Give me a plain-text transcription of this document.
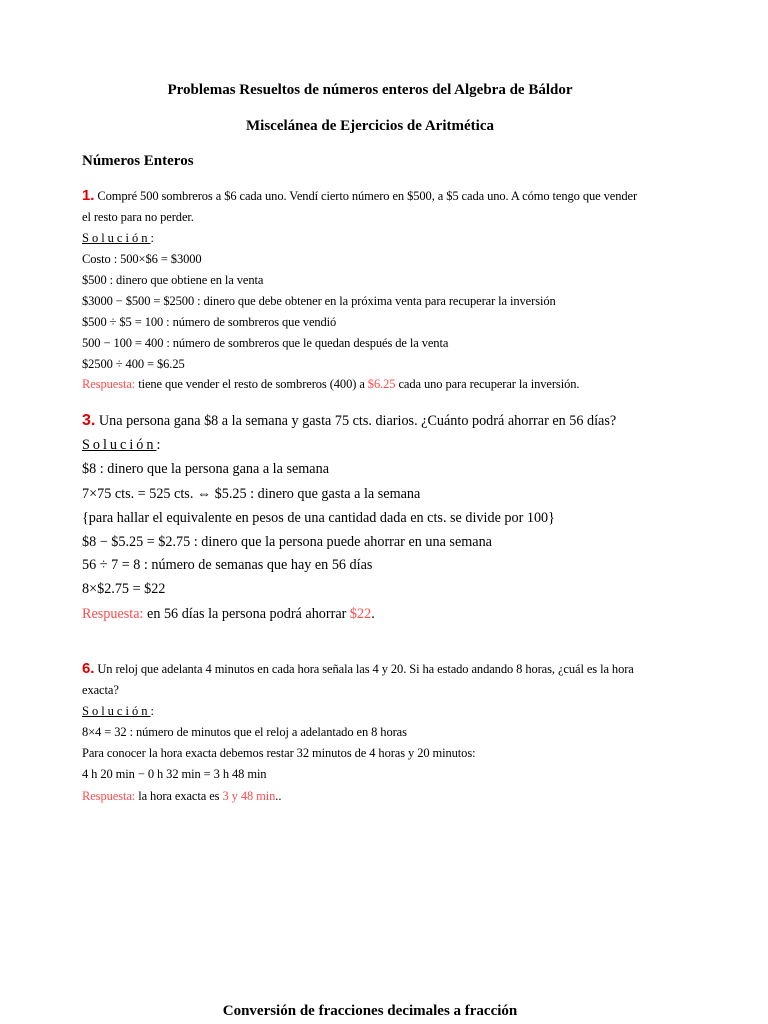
Problemas Resueltos de números enteros del Algebra de Báldor
Miscelánea de Ejercicios de Aritmética
Números Enteros
1. Compré 500 sombreros a $6 cada uno. Vendí cierto número en $500, a $5 cada uno. A cómo tengo que vender
el resto para no perder.
Solución:
Costo : 500×$6 = $3000
$500 : dinero que obtiene en la venta
$3000 − $500 = $2500 : dinero que debe obtener en la próxima venta para recuperar la inversión
$500 ÷ $5 = 100 : número de sombreros que vendió
500 − 100 = 400 : número de sombreros que le quedan después de la venta
$2500 ÷ 400 = $6.25
Respuesta: tiene que vender el resto de sombreros (400) a $6.25 cada uno para recuperar la inversión.
3. Una persona gana $8 a la semana y gasta 75 cts. diarios. ¿Cuánto podrá ahorrar en 56 días?
Solución:
$8 : dinero que la persona gana a la semana
7×75 cts. = 525 cts. ⇔ $5.25 : dinero que gasta a la semana
{para hallar el equivalente en pesos de una cantidad dada en cts. se divide por 100}
$8 − $5.25 = $2.75 : dinero que la persona puede ahorrar en una semana
56 ÷ 7 = 8 : número de semanas que hay en 56 días
8×$2.75 = $22
Respuesta: en 56 días la persona podrá ahorrar $22.
6. Un reloj que adelanta 4 minutos en cada hora señala las 4 y 20. Si ha estado andando 8 horas, ¿cuál es la hora
exacta?
Solución:
8×4 = 32 : número de minutos que el reloj a adelantado en 8 horas
Para conocer la hora exacta debemos restar 32 minutos de 4 horas y 20 minutos:
4 h 20 min − 0 h 32 min = 3 h 48 min
Respuesta: la hora exacta es 3 y 48 min..
Conversión de fracciones decimales a fracción
